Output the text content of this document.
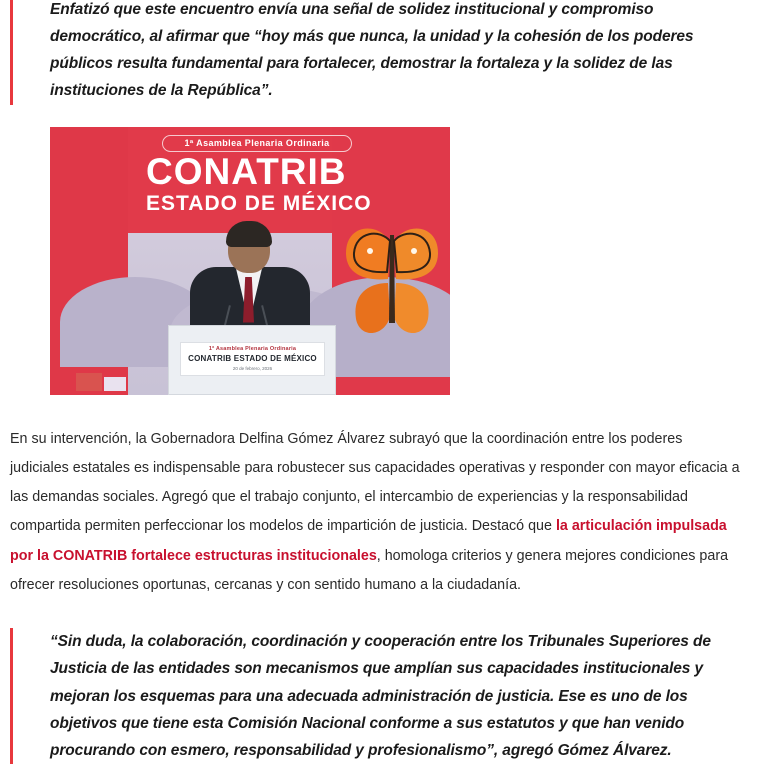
Enfatizó que este encuentro envía una señal de solidez institucional y compromiso democrático, al afirmar que “hoy más que nunca, la unidad y la cohesión de los poderes públicos resulta fundamental para fortalecer, demostrar la fortaleza y la solidez de las instituciones de la República”.

1ª Asamblea Plenaria Ordinaria
CONATRIB
ESTADO DE MÉXICO
1ª Asamblea Plenaria Ordinaria
CONATRIB ESTADO DE MÉXICO
20 de febrero, 2026

En su intervención, la Gobernadora Delfina Gómez Álvarez subrayó que la coordinación entre los poderes judiciales estatales es indispensable para robustecer sus capacidades operativas y responder con mayor eficacia a las demandas sociales. Agregó que el trabajo conjunto, el intercambio de experiencias y la responsabilidad compartida permiten perfeccionar los modelos de impartición de justicia. Destacó que la articulación impulsada por la CONATRIB fortalece estructuras institucionales, homologa criterios y genera mejores condiciones para ofrecer resoluciones oportunas, cercanas y con sentido humano a la ciudadanía.

“Sin duda, la colaboración, coordinación y cooperación entre los Tribunales Superiores de Justicia de las entidades son mecanismos que amplían sus capacidades institucionales y mejoran los esquemas para una adecuada administración de justicia. Ese es uno de los objetivos que tiene esta Comisión Nacional conforme a sus estatutos y que han venido procurando con esmero, responsabilidad y profesionalismo”, agregó Gómez Álvarez.
